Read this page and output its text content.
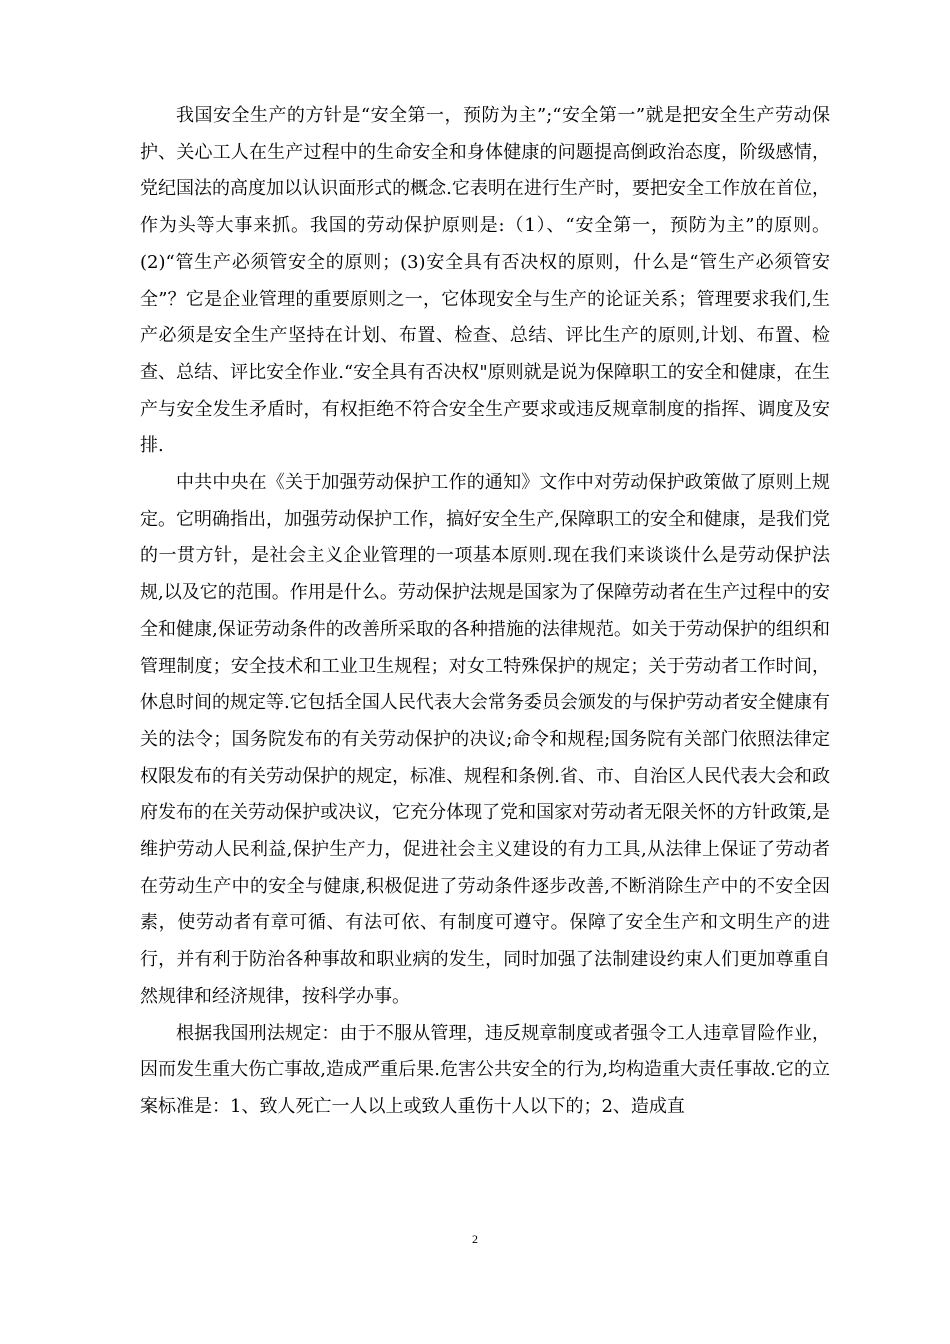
我国安全生产的方针是“安全第一，预防为主”;“安全第一”就是把安全生产劳动保护、关心工人在生产过程中的生命安全和身体健康的问题提高倒政治态度，阶级感情，党纪国法的高度加以认识面形式的概念.它表明在进行生产时，要把安全工作放在首位，作为头等大事来抓。我国的劳动保护原则是:（1）、“安全第一，预防为主”的原则。(2)“管生产必须管安全的原则；(3)安全具有否决权的原则，什么是“管生产必须管安全”？它是企业管理的重要原则之一，它体现安全与生产的论证关系；管理要求我们,生产必须是安全生产坚持在计划、布置、检查、总结、评比生产的原则,计划、布置、检查、总结、评比安全作业.“安全具有否决权"原则就是说为保障职工的安全和健康，在生产与安全发生矛盾时，有权拒绝不符合安全生产要求或违反规章制度的指挥、调度及安排.

中共中央在《关于加强劳动保护工作的通知》文作中对劳动保护政策做了原则上规定。它明确指出，加强劳动保护工作，搞好安全生产,保障职工的安全和健康，是我们党的一贯方针，是社会主义企业管理的一项基本原则.现在我们来谈谈什么是劳动保护法规,以及它的范围。作用是什么。劳动保护法规是国家为了保障劳动者在生产过程中的安全和健康,保证劳动条件的改善所采取的各种措施的法律规范。如关于劳动保护的组织和管理制度；安全技术和工业卫生规程；对女工特殊保护的规定；关于劳动者工作时间，休息时间的规定等.它包括全国人民代表大会常务委员会颁发的与保护劳动者安全健康有关的法令；国务院发布的有关劳动保护的决议;命令和规程;国务院有关部门依照法律定权限发布的有关劳动保护的规定，标准、规程和条例.省、市、自治区人民代表大会和政府发布的在关劳动保护或决议，它充分体现了党和国家对劳动者无限关怀的方针政策,是维护劳动人民利益,保护生产力，促进社会主义建设的有力工具,从法律上保证了劳动者在劳动生产中的安全与健康,积极促进了劳动条件逐步改善,不断消除生产中的不安全因素，使劳动者有章可循、有法可依、有制度可遵守。保障了安全生产和文明生产的进行，并有利于防治各种事故和职业病的发生，同时加强了法制建设约束人们更加尊重自然规律和经济规律，按科学办事。

根据我国刑法规定：由于不服从管理，违反规章制度或者强令工人违章冒险作业，因而发生重大伤亡事故,造成严重后果.危害公共安全的行为,均构造重大责任事故.它的立案标准是：1、致人死亡一人以上或致人重伤十人以下的；2、造成直

2
